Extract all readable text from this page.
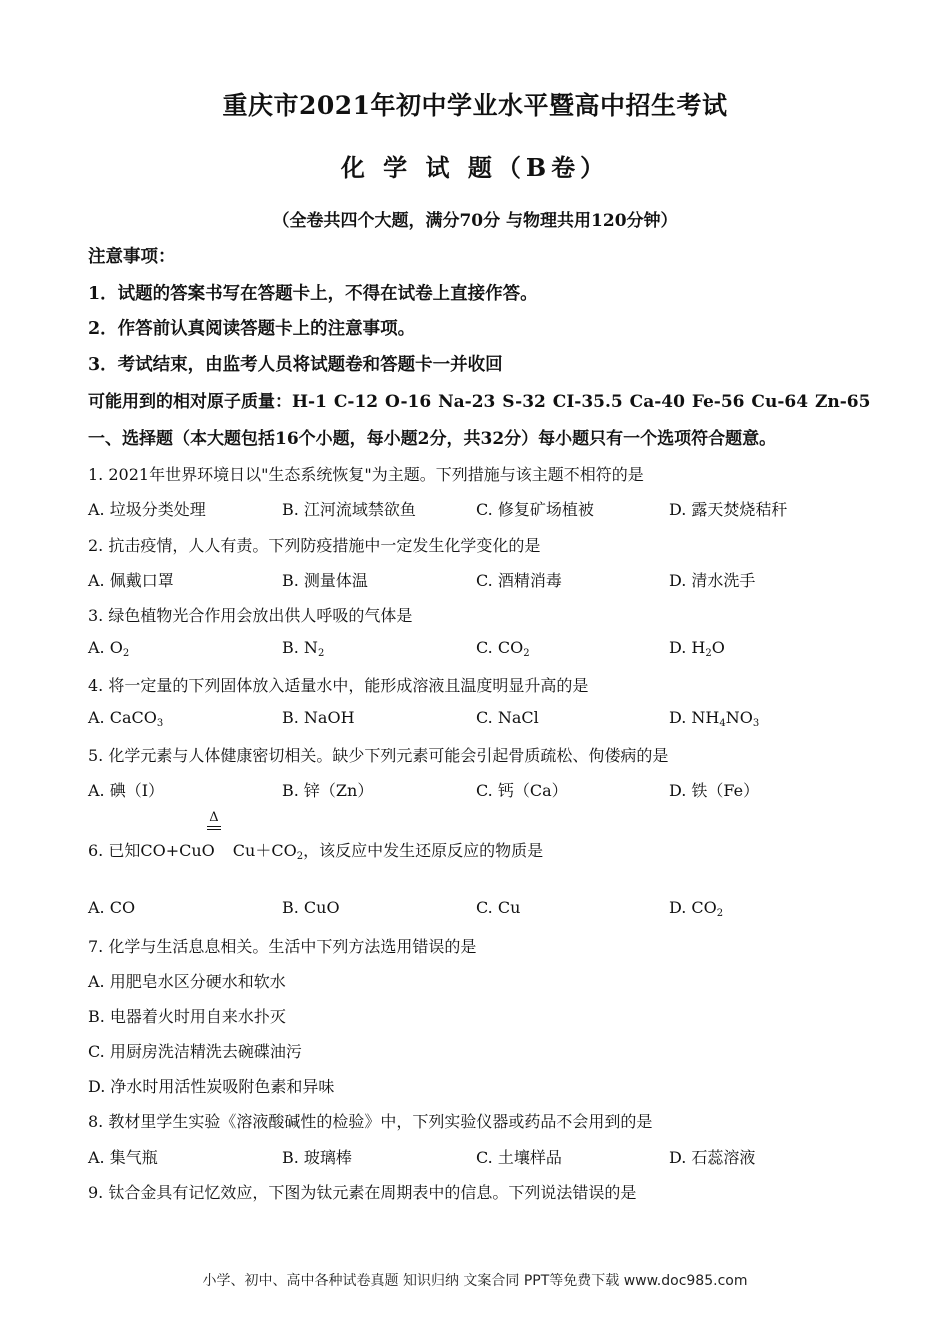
重庆市2021年初中学业水平暨高中招生考试
化 学 试 题（B卷）
（全卷共四个大题，满分70分 与物理共用120分钟）
注意事项：
1．试题的答案书写在答题卡上，不得在试卷上直接作答。
2．作答前认真阅读答题卡上的注意事项。
3．考试结束，由监考人员将试题卷和答题卡一并收回
可能用到的相对原子质量：H-1 C-12 O-16 Na-23 S-32 CI-35.5 Ca-40 Fe-56 Cu-64 Zn-65
一、选择题（本大题包括16个小题，每小题2分，共32分）每小题只有一个选项符合题意。
1. 2021年世界环境日以"生态系统恢复"为主题。下列措施与该主题不相符的是
A. 垃圾分类处理	B. 江河流域禁欲鱼	C. 修复矿场植被	D. 露天焚烧秸秆
2. 抗击疫情，人人有责。下列防疫措施中一定发生化学变化的是
A. 佩戴口罩	B. 测量体温	C. 酒精消毒	D. 清水洗手
3. 绿色植物光合作用会放出供人呼吸的气体是
A. $O_2$	B. $N_2$	C. $CO_2$	D. $H_2O$
4. 将一定量的下列固体放入适量水中，能形成溶液且温度明显升高的是
A. CaCO$_3$	B. NaOH	C. NaCl	D. $NH_4NO_3$
5. 化学元素与人体健康密切相关。缺少下列元素可能会引起骨质疏松、佝偻病的是
A. 碘（I）	B. 锌（Zn）	C. 钙（Ca）	D. 铁（Fe）
Δ
6. 已知CO+CuO $Cu+CO_2$，该反应中发生还原反应的物质是
A. CO	B. CuO	C. Cu	D. $CO_2$
7. 化学与生活息息相关。生活中下列方法选用错误的是
A. 用肥皂水区分硬水和软水
B. 电器着火时用自来水扑灭
C. 用厨房洗洁精洗去碗碟油污
D. 净水时用活性炭吸附色素和异味
8. 教材里学生实验《溶液酸碱性的检验》中，下列实验仪器或药品不会用到的是
A. 集气瓶	B. 玻璃棒	C. 土壤样品	D. 石蕊溶液
9. 钛合金具有记忆效应，下图为钛元素在周期表中的信息。下列说法错误的是
小学、初中、高中各种试卷真题 知识归纳 文案合同 PPT等免费下载 www.doc985.com
